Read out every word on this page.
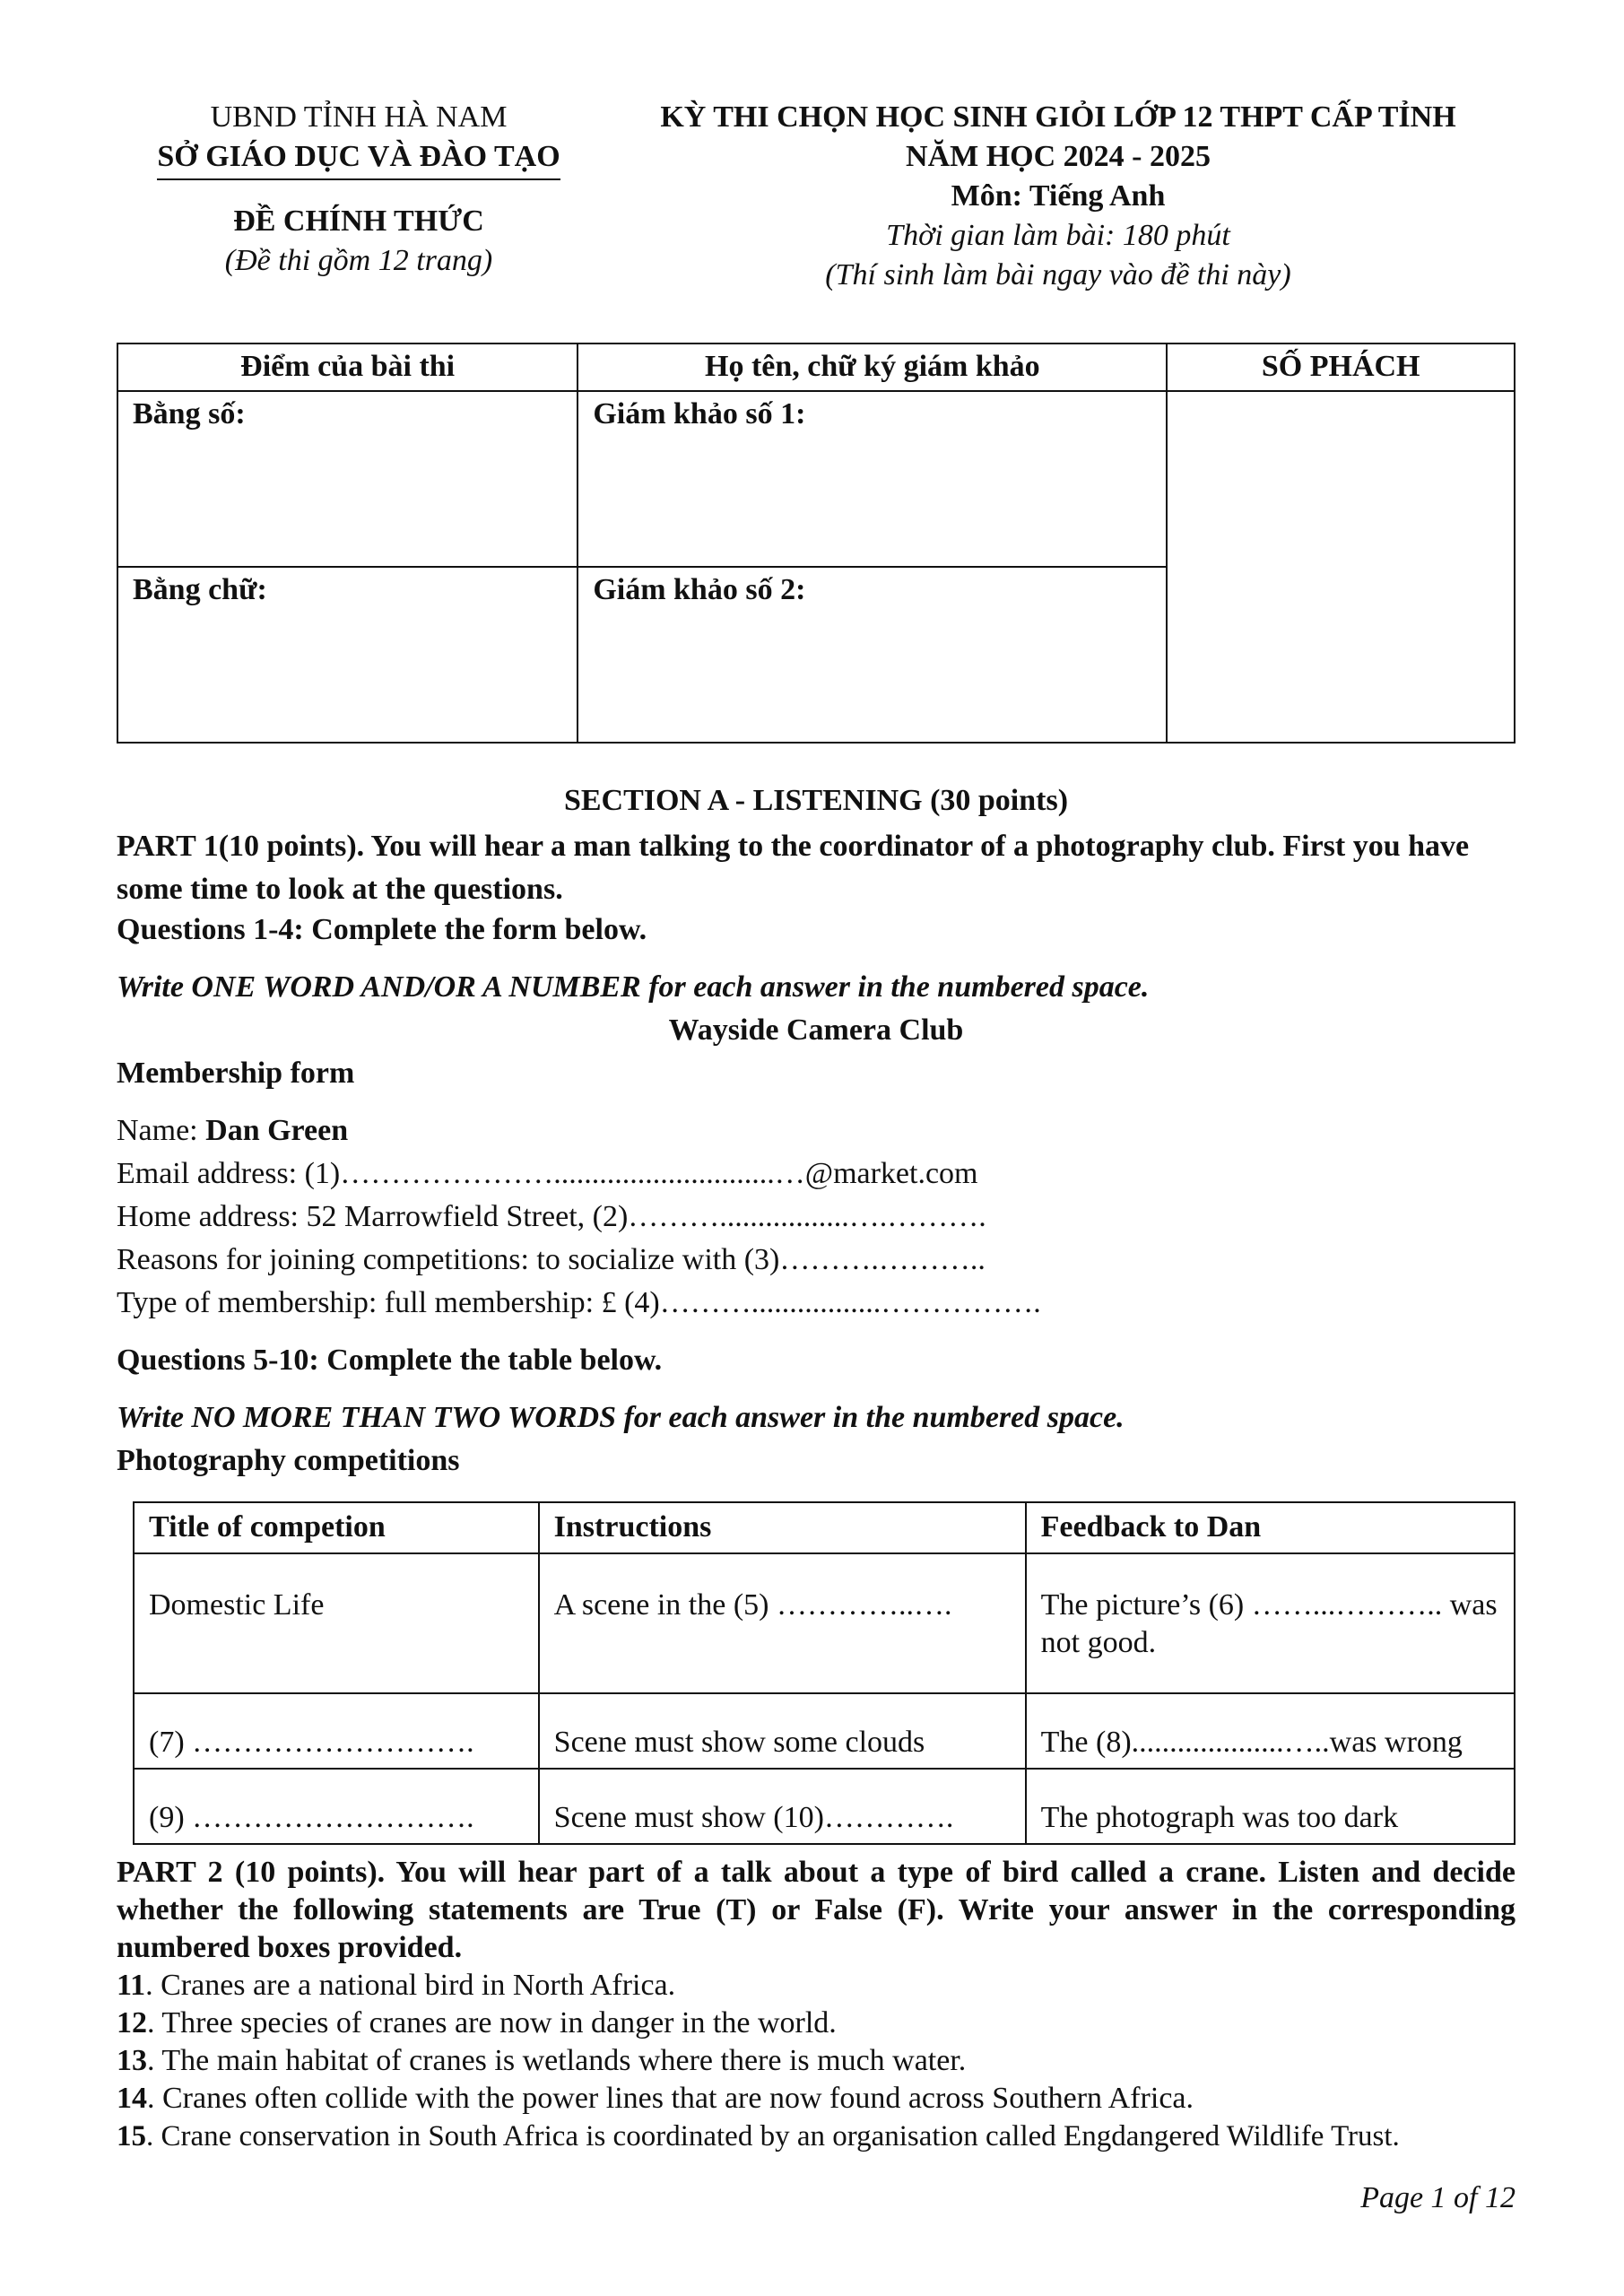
UBND TỈNH HÀ NAM
SỞ GIÁO DỤC VÀ ĐÀO TẠO
ĐỀ CHÍNH THỨC
(Đề thi gồm 12 trang)
KỲ THI CHỌN HỌC SINH GIỎI LỚP 12 THPT CẤP TỈNH
NĂM HỌC 2024 - 2025
Môn: Tiếng Anh
Thời gian làm bài: 180 phút
(Thí sinh làm bài ngay vào đề thi này)
Điểm của bài thi	Họ tên, chữ ký giám khảo	SỐ PHÁCH
Bằng số:	Giám khảo số 1:	
Bằng chữ:	Giám khảo số 2:	
SECTION A - LISTENING (30 points)

PART 1(10 points). You will hear a man talking to the coordinator of a photography club. First you have some time to look at the questions.

Questions 1-4: Complete the form below.
Write ONE WORD AND/OR A NUMBER for each answer in the numbered space.
Wayside Camera Club
Membership form
Name: Dan Green
Email address: (1)………………….............................…@market.com
Home address: 52 Marrowfield Street, (2)……….................….……….
Reasons for joining competitions: to socialize with (3)……….………..
Type of membership: full membership: £ (4)……….................…………….
Questions 5-10: Complete the table below.
Write NO MORE THAN TWO WORDS for each answer in the numbered space.
Photography competitions
Title of competion	Instructions	Feedback to Dan
Domestic Life	A scene in the (5) …………..….	The picture’s (6) ……...……….. was not good.
(7) ……………………….	Scene must show some clouds	The (8)....................…..was wrong
(9) ……………………….	Scene must show (10)………….	The photograph was too dark

PART 2 (10 points). You will hear part of a talk about a type of bird called a crane. Listen and decide whether the following statements are True (T) or False (F). Write your answer in the corresponding numbered boxes provided.

11. Cranes are a national bird in North Africa.
12. Three species of cranes are now in danger in the world.
13. The main habitat of cranes is wetlands where there is much water.
14. Cranes often collide with the power lines that are now found across Southern Africa.
15. Crane conservation in South Africa is coordinated by an organisation called Engdangered Wildlife Trust.
Page 1 of 12
